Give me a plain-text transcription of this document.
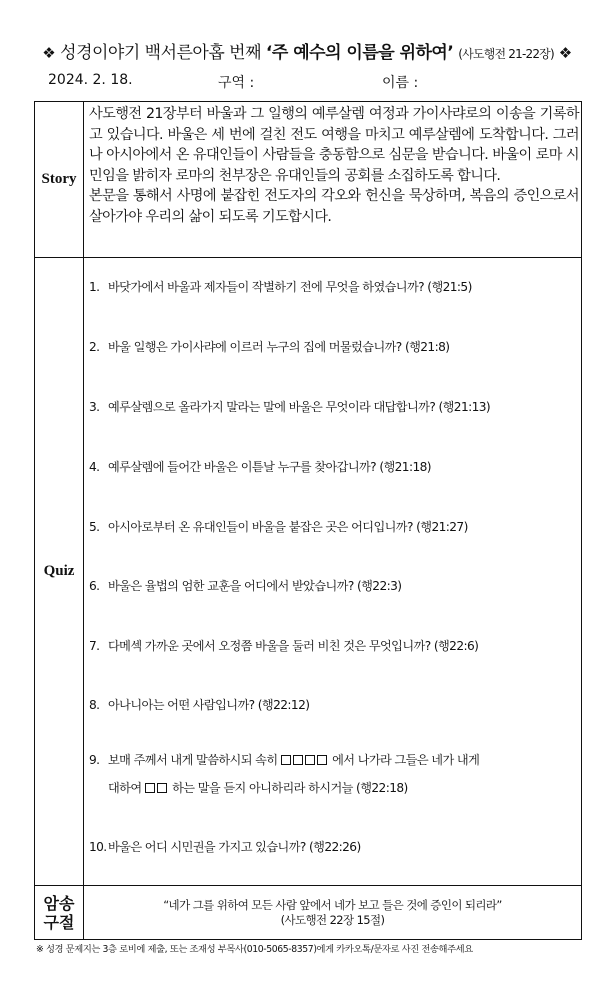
❖ 성경이야기 백서른아홉 번째 ‘주 예수의 이름을 위하여’ (사도행전 21-22장) ❖
2024. 2. 18.	구역 :	이름 :
Story
사도행전 21장부터 바울과 그 일행의 예루살렘 여정과 가이사랴로의 이송을 기록하고 있습니다. 바울은 세 번에 걸친 전도 여행을 마치고 예루살렘에 도착합니다. 그러나 아시아에서 온 유대인들이 사람들을 충동함으로 심문을 받습니다. 바울이 로마 시민임을 밝히자 로마의 천부장은 유대인들의 공회를 소집하도록 합니다.
본문을 통해서 사명에 붙잡힌 전도자의 각오와 헌신을 묵상하며, 복음의 증인으로서 살아가야 우리의 삶이 되도록 기도합시다.
Quiz
1. 바닷가에서 바울과 제자들이 작별하기 전에 무엇을 하였습니까? (행21:5)
2. 바울 일행은 가이사랴에 이르러 누구의 집에 머물렀습니까? (행21:8)
3. 예루살렘으로 올라가지 말라는 말에 바울은 무엇이라 대답합니까? (행21:13)
4. 예루살렘에 들어간 바울은 이튿날 누구를 찾아갑니까? (행21:18)
5. 아시아로부터 온 유대인들이 바울을 붙잡은 곳은 어디입니까? (행21:27)
6. 바울은 율법의 엄한 교훈을 어디에서 받았습니까? (행22:3)
7. 다메섹 가까운 곳에서 오정쯤 바울을 둘러 비친 것은 무엇입니까? (행22:6)
8. 아나니아는 어떤 사람입니까? (행22:12)
9. 보매 주께서 내게 말씀하시되 속히	에서 나가라 그들은 네가 내게
대하여	하는 말을 듣지 아니하리라 하시거늘 (행22:18)
10.바울은 어디 시민권을 가지고 있습니까? (행22:26)
암송
구절
“네가 그를 위하여 모든 사람 앞에서 네가 보고 들은 것에 증인이 되리라”
(사도행전 22장 15절)
※ 성경 문제지는 3층 로비에 제출, 또는 조재성 부목사(010-5065-8357)에게 카카오톡/문자로 사진 전송해주세요
